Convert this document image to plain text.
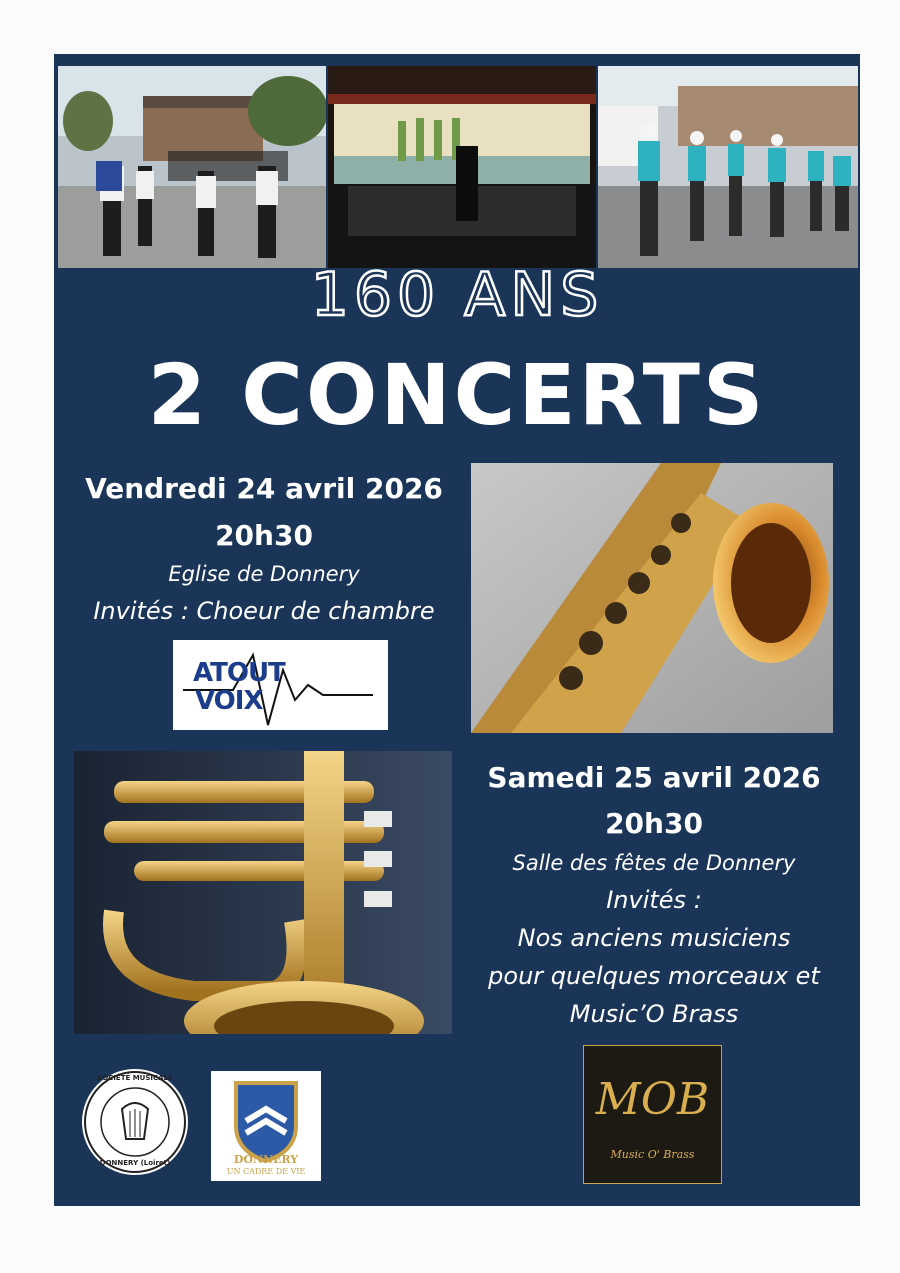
160 ANS
2 CONCERTS
Vendredi 24 avril 2026
20h30
Eglise de Donnery
Invités : Choeur de chambre
ATOUT
VOIX
Samedi 25 avril 2026
20h30
Salle des fêtes de Donnery
Invités :
Nos anciens musiciens
pour quelques morceaux et
Music’O Brass
SOCIÉTÉ MUSICALE
DONNERY (Loiret)	DONNERY
UN CADRE DE VIE
MOB
Music O' Brass
